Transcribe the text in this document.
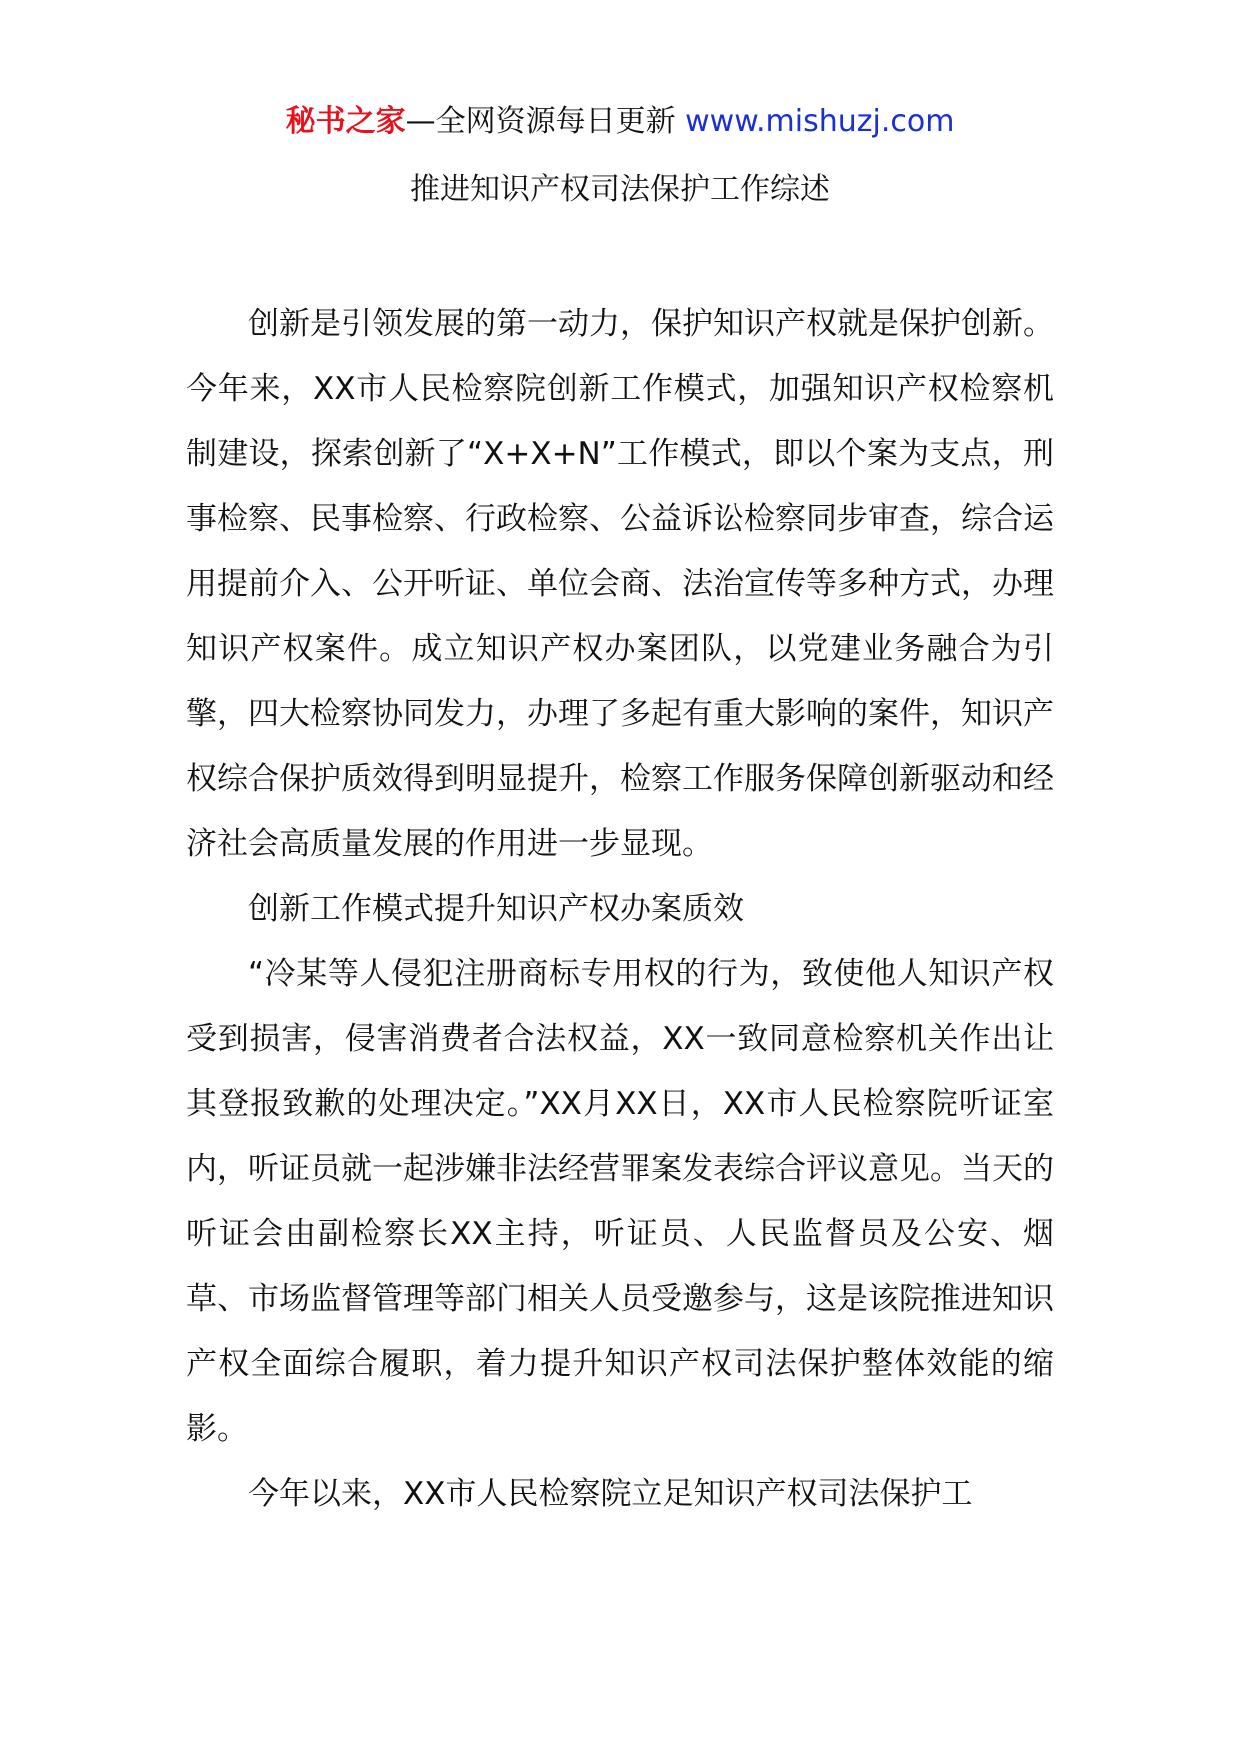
秘书之家—全网资源每日更新 www.mishuzj.com
推进知识产权司法保护工作综述

创新是引领发展的第一动力，保护知识产权就是保护创新。今年来，XX市人民检察院创新工作模式，加强知识产权检察机制建设，探索创新了“X+X+N”工作模式，即以个案为支点，刑事检察、民事检察、行政检察、公益诉讼检察同步审查，综合运用提前介入、公开听证、单位会商、法治宣传等多种方式，办理知识产权案件。成立知识产权办案团队，以党建业务融合为引擎，四大检察协同发力，办理了多起有重大影响的案件，知识产权综合保护质效得到明显提升，检察工作服务保障创新驱动和经济社会高质量发展的作用进一步显现。

创新工作模式提升知识产权办案质效

“冷某等人侵犯注册商标专用权的行为，致使他人知识产权受到损害，侵害消费者合法权益，XX一致同意检察机关作出让其登报致歉的处理决定。”XX月XX日，XX市人民检察院听证室内，听证员就一起涉嫌非法经营罪案发表综合评议意见。当天的听证会由副检察长XX主持，听证员、人民监督员及公安、烟草、市场监督管理等部门相关人员受邀参与，这是该院推进知识产权全面综合履职，着力提升知识产权司法保护整体效能的缩影。

今年以来，XX市人民检察院立足知识产权司法保护工
